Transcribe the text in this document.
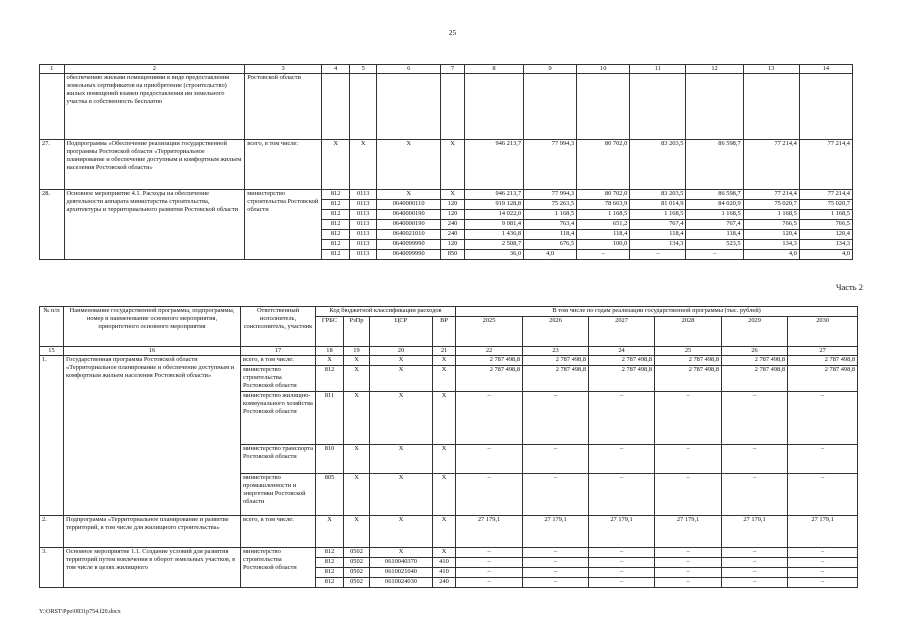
25
1	2	3	4	5	6	7	8	9	10	11	12	13	14
	обеспечению жильми помещениями в виде предоставления земельных сертификатов на приобретение (строительство) жилых помещений взамен предоставления им земельного участка в собственность бесплатно	Ростовской области											
27.	Подпрограмма «Обеспечение реализации государственной программы Ростовской области «Территориальное планирование и обеспечение доступным и комфортным жильем населения Ростовской области»	всего, в том числе:	X	X	X	X	946 213,7	77 994,3	80 702,0	83 203,5	86 598,7	77 214,4	77 214,4
28.	Основное мероприятие 4.1. Расходы на обеспечение деятельности аппарата министерства строительства, архитектуры и территориального развития Ростовской области	министерство строительства Ростовской области	812	0113	X	X	946 213,7	77 994,3	80 702,0	83 203,5	86 598,7	77 214,4	77 214,4
			812	0113	0640000110	120	919 128,8	75 263,5	78 663,9	81 014,9	84 020,9	75 020,7	75 020,7
			812	0113	0640000190	120	14 022,0	1 168,5	1 168,5	1 168,5	1 168,5	1 168,5	1 168,5
			812	0113	0640000190	240	9 081,4	763,4	651,2	767,4	767,4	766,5	766,5
			812	0113	0640021010	240	1 436,8	118,4	118,4	118,4	118,4	120,4	120,4
			812	0113	0640099990	120	2 508,7	676,5	100,0	134,3	523,5	134,3	134,3
			812	0113	0640099990	850	36,0	4,0	–	–	–	4,0	4,0
Часть 2
№ п/п	Наименование государственной программы, подпрограммы, номер и наименование основного мероприятия, приоритетного основного мероприятия	Ответственный исполнитель, соисполнитель, участник	Код бюджетной классификации расходов				В том числе по годам реализации государственной программы (тыс. рублей)					
			ГРБС	РзПр	ЦСР	ВР	2025	2026	2027	2028	2029	2030
15	16	17	18	19	20	21	22	23	24	25	26	27
1.	Государственная программа Ростовской области «Территориальное планирование и обеспечение доступным и комфортным жильем населения Ростовской области»	всего, в том числе:	X	X	X	X	2 787 498,8	2 787 498,8	2 787 498,8	2 787 498,8	2 787 498,8	2 787 498,8
		министерство строительства Ростовской области	812	X	X	X	2 787 498,8	2 787 498,8	2 787 498,8	2 787 498,8	2 787 498,8	2 787 498,8
		министерство жилищно-коммунального хозяйства Ростовской области	811	X	X	X	–	–	–	–	–	–
		министерство транспорта Ростовской области	810	X	X	X	–	–	–	–	–	–
		министерство промышленности и энергетики Ростовской области	805	X	X	X	–	–	–	–	–	–
2.	Подпрограмма «Территориальное планирование и развитие территорий, в том числе для жилищного строительства»	всего, в том числе:	X	X	X	X	27 179,1	27 179,1	27 179,1	27 179,1	27 179,1	27 179,1
3.	Основное мероприятие 1.1. Создание условий для развития территорий путем вовлечения в оборот земельных участков, в том числе в целях жилищного	министерство строительства Ростовской области	812	0502	X	X	–	–	–	–	–	–
			812	0502	0610040370	410	–	–	–	–	–	–
			812	0502	0610021040	410	–	–	–	–	–	–
			812	0502	0610024030	240	–	–	–	–	–	–
Y:\ORST\Ppo\0831p754.f20.docx
